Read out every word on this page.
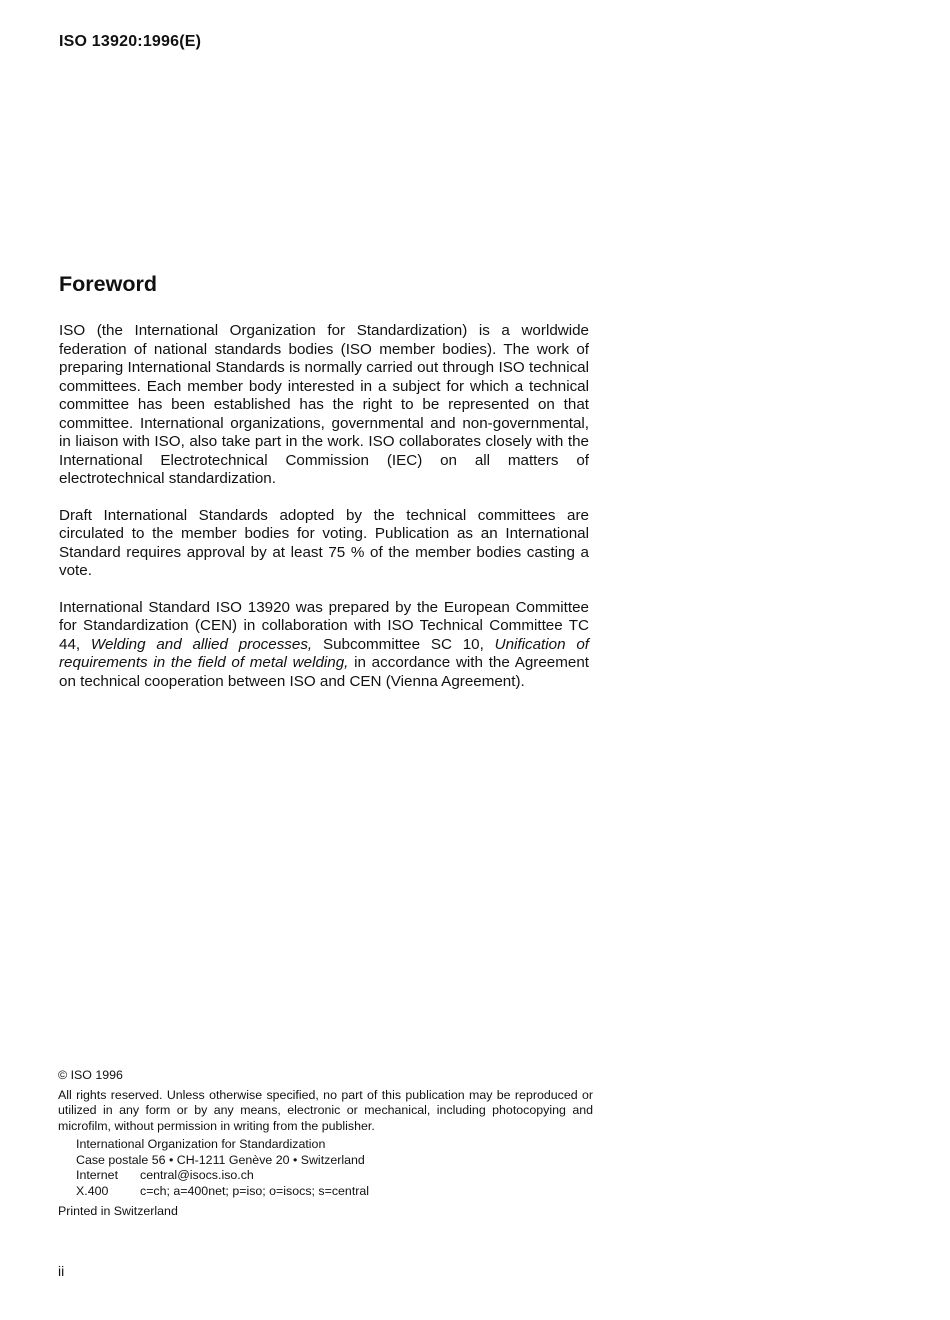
ISO 13920:1996(E)
Foreword

ISO (the International Organization for Standardization) is a worldwide federation of national standards bodies (ISO member bodies). The work of preparing International Standards is normally carried out through ISO technical committees. Each member body interested in a subject for which a technical committee has been established has the right to be represented on that committee. International organizations, governmental and non-governmental, in liaison with ISO, also take part in the work. ISO collaborates closely with the International Electrotechnical Commission (IEC) on all matters of electrotechnical standardization.

Draft International Standards adopted by the technical committees are circulated to the member bodies for voting. Publication as an International Standard requires approval by at least 75 % of the member bodies casting a vote.

International Standard ISO 13920 was prepared by the European Committee for Standardization (CEN) in collaboration with ISO Technical Committee TC 44, Welding and allied processes, Subcommittee SC 10, Unification of requirements in the field of metal welding, in accordance with the Agreement on technical cooperation between ISO and CEN (Vienna Agreement).

© ISO 1996
All rights reserved. Unless otherwise specified, no part of this publication may be reproduced or utilized in any form or by any means, electronic or mechanical, including photocopying and microfilm, without permission in writing from the publisher.
International Organization for Standardization
Case postale 56 • CH-1211 Genève 20 • Switzerland
Internet	central@isocs.iso.ch
X.400	c=ch; a=400net; p=iso; o=isocs; s=central
Printed in Switzerland
ii
